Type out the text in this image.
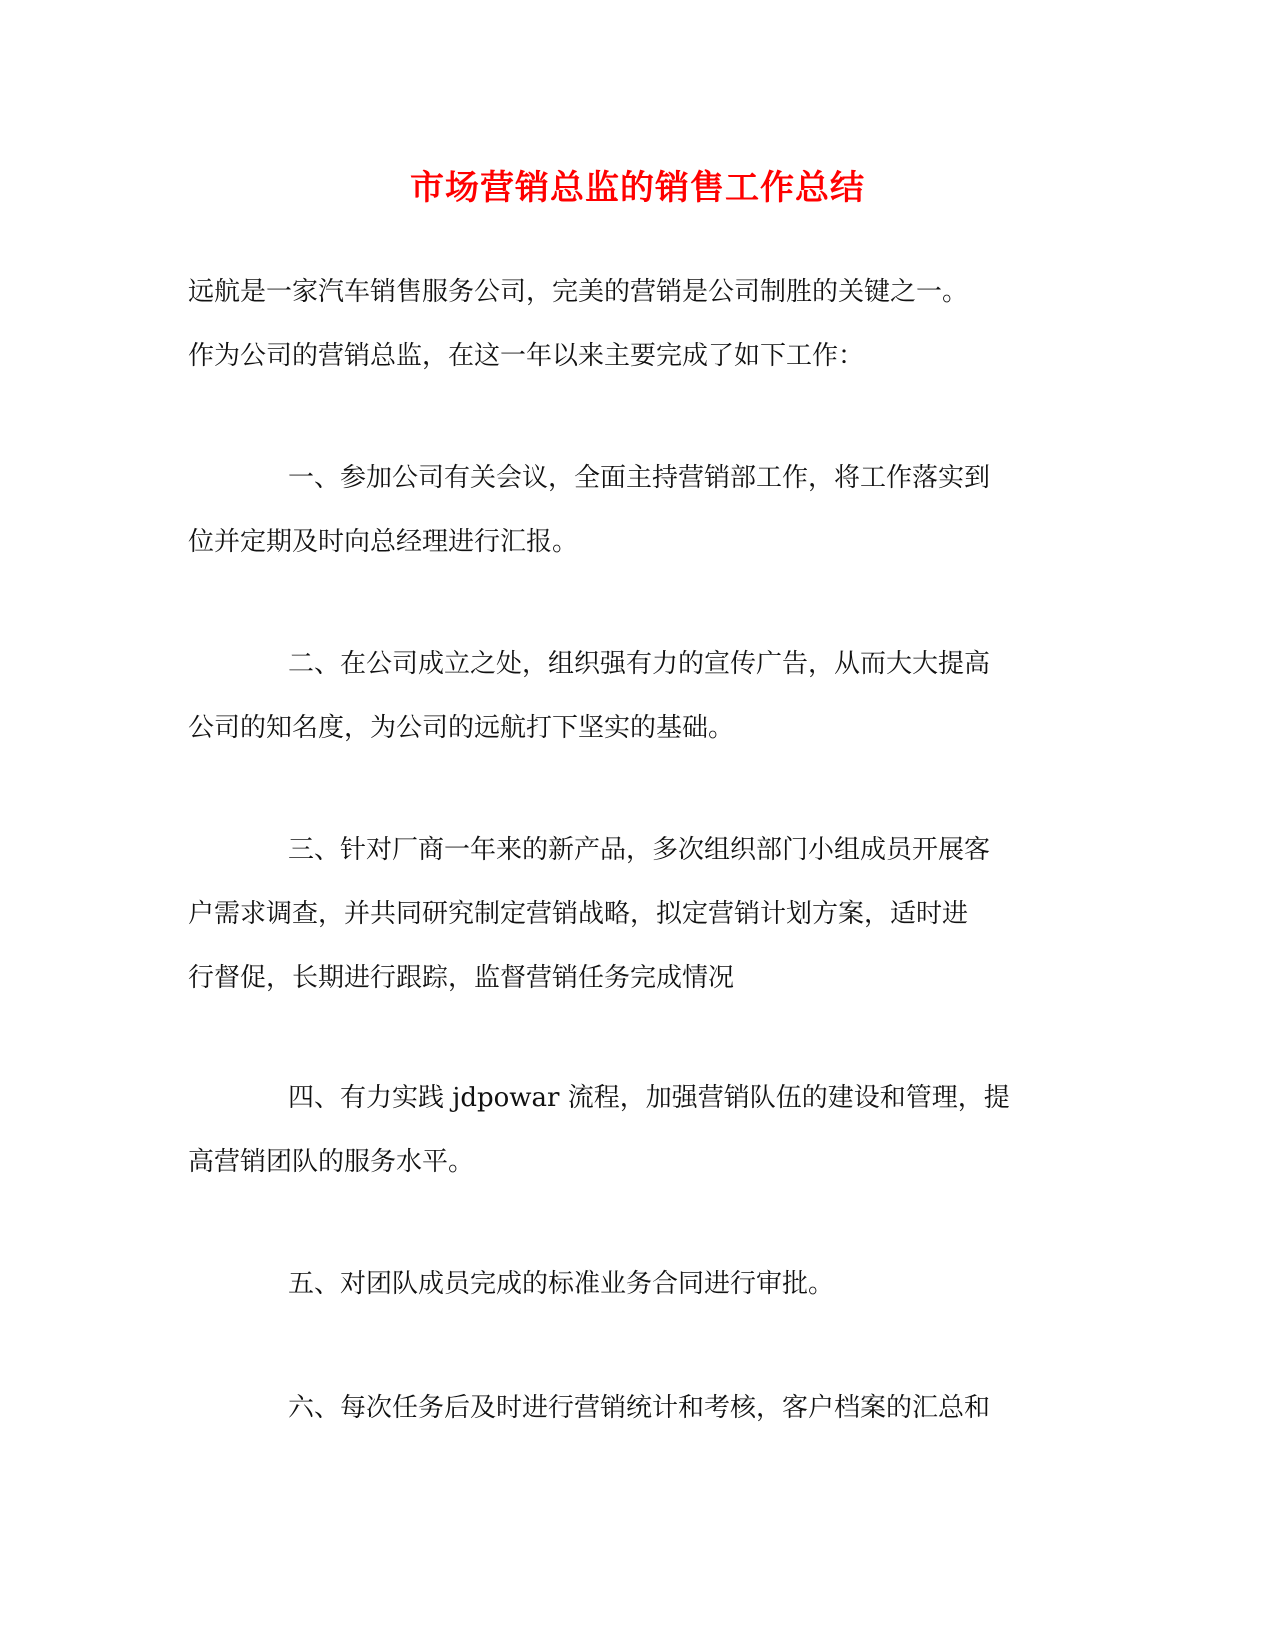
市场营销总监的销售工作总结
远航是一家汽车销售服务公司，完美的营销是公司制胜的关键之一。
作为公司的营销总监，在这一年以来主要完成了如下工作：
一、参加公司有关会议，全面主持营销部工作，将工作落实到
位并定期及时向总经理进行汇报。
二、在公司成立之处，组织强有力的宣传广告，从而大大提高
公司的知名度，为公司的远航打下坚实的基础。
三、针对厂商一年来的新产品，多次组织部门小组成员开展客
户需求调查，并共同研究制定营销战略，拟定营销计划方案，适时进
行督促，长期进行跟踪，监督营销任务完成情况
四、有力实践 jdpowar 流程，加强营销队伍的建设和管理，提
高营销团队的服务水平。
五、对团队成员完成的标准业务合同进行审批。
六、每次任务后及时进行营销统计和考核，客户档案的汇总和
